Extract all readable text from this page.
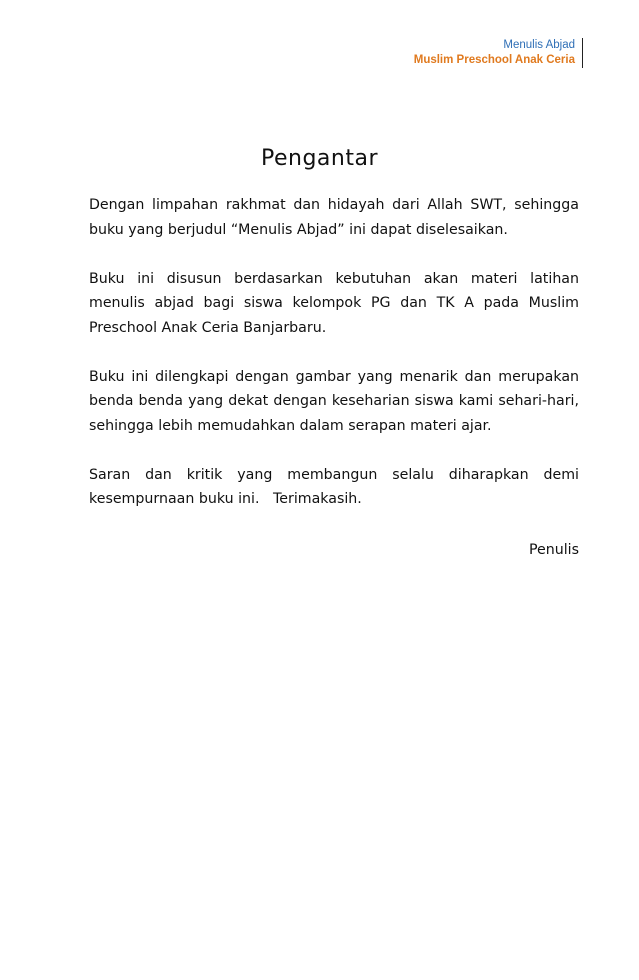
Menulis Abjad
Muslim Preschool Anak Ceria
Pengantar

Dengan limpahan rakhmat dan hidayah dari Allah SWT, sehingga buku yang berjudul “Menulis Abjad” ini dapat diselesaikan.

Buku ini disusun berdasarkan kebutuhan akan materi latihan menulis abjad bagi siswa kelompok PG dan TK A pada Muslim Preschool Anak Ceria Banjarbaru.

Buku ini dilengkapi dengan gambar yang menarik dan merupakan benda benda yang dekat dengan keseharian siswa kami sehari-hari, sehingga lebih memudahkan dalam serapan materi ajar.

Saran dan kritik yang membangun selalu diharapkan demi kesempurnaan buku ini.   Terimakasih.

Penulis
